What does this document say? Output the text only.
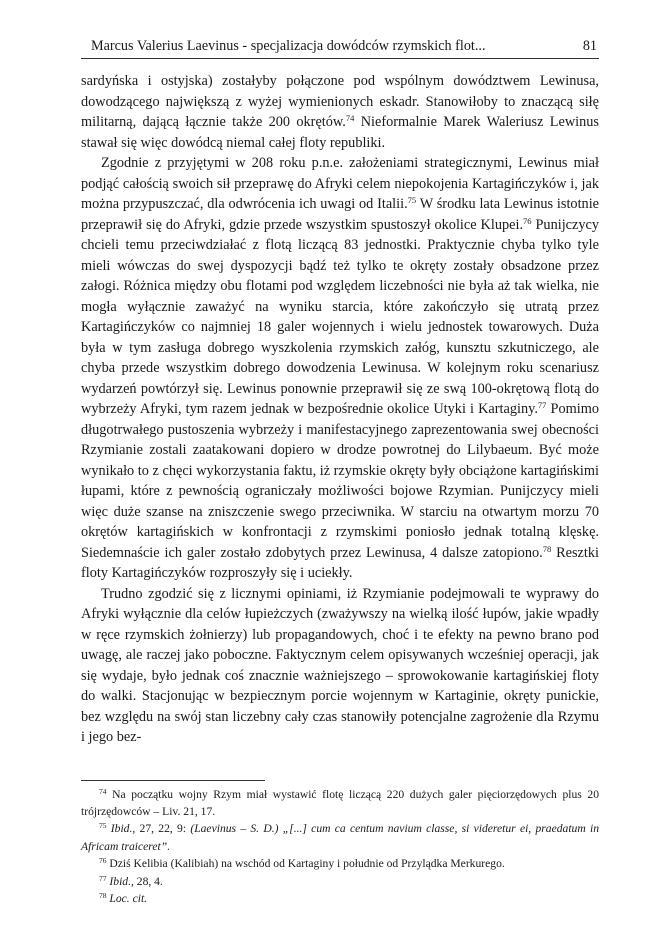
Marcus Valerius Laevinus - specjalizacja dowódców rzymskich flot...	81

sardyńska i ostyjska) zostałyby połączone pod wspólnym dowództwem Lewinusa, dowodzącego największą z wyżej wymienionych eskadr. Stanowiłoby to znaczącą siłę militarną, dającą łącznie także 200 okrętów.$^{74}$ Nieformalnie Marek Waleriusz Lewinus stawał się więc dowódcą niemal całej floty republiki.

Zgodnie z przyjętymi w 208 roku p.n.e. założeniami strategicznymi, Lewinus miał podjąć całością swoich sił przeprawę do Afryki celem niepokojenia Kartagińczyków i, jak można przypuszczać, dla odwrócenia ich uwagi od Italii.$^{75}$ W środku lata Lewinus istotnie przeprawił się do Afryki, gdzie przede wszystkim spustoszył okolice Klupei.$^{76}$ Punijczycy chcieli temu przeciwdziałać z flotą liczącą 83 jednostki. Praktycznie chyba tylko tyle mieli wówczas do swej dyspozycji bądź też tylko te okręty zostały obsadzone przez załogi. Różnica między obu flotami pod względem liczebności nie była aż tak wielka, nie mogła wyłącznie zaważyć na wyniku starcia, które zakończyło się utratą przez Kartagińczyków co najmniej 18 galer wojennych i wielu jednostek towarowych. Duża była w tym zasługa dobrego wyszkolenia rzymskich załóg, kunsztu szkutniczego, ale chyba przede wszystkim dobrego dowodzenia Lewinusa. W kolejnym roku scenariusz wydarzeń powtórzył się. Lewinus ponownie przeprawił się ze swą 100-okrętową flotą do wybrzeży Afryki, tym razem jednak w bezpośrednie okolice Utyki i Kartaginy.$^{77}$ Pomimo długotrwałego pustoszenia wybrzeży i manifestacyjnego zaprezentowania swej obecności Rzymianie zostali zaatakowani dopiero w drodze powrotnej do Lilybaeum. Być może wynikało to z chęci wykorzystania faktu, iż rzymskie okręty były obciążone kartagińskimi łupami, które z pewnością ograniczały możliwości bojowe Rzymian. Punijczycy mieli więc duże szanse na zniszczenie swego przeciwnika. W starciu na otwartym morzu 70 okrętów kartagińskich w konfrontacji z rzymskimi poniosło jednak totalną klęskę. Siedemnaście ich galer zostało zdobytych przez Lewinusa, 4 dalsze zatopiono.$^{78}$ Resztki floty Kartagińczyków rozproszyły się i uciekły.

Trudno zgodzić się z licznymi opiniami, iż Rzymianie podejmowali te wyprawy do Afryki wyłącznie dla celów łupieżczych (zważywszy na wielką ilość łupów, jakie wpadły w ręce rzymskich żołnierzy) lub propagandowych, choć i te efekty na pewno brano pod uwagę, ale raczej jako poboczne. Faktycznym celem opisywanych wcześniej operacji, jak się wydaje, było jednak coś znacznie ważniejszego – sprowokowanie kartagińskiej floty do walki. Stacjonując w bezpiecznym porcie wojennym w Kartaginie, okręty punickie, bez względu na swój stan liczebny cały czas stanowiły potencjalne zagrożenie dla Rzymu i jego bez-

$^{74}$ Na początku wojny Rzym miał wystawić flotę liczącą 220 dużych galer pięciorzędowych plus 20 trójrzędowców – Liv. 21, 17.

$^{75}$ Ibid., 27, 22, 9: (Laevinus – S. D.) „[...] cum ca centum navium classe, si videretur ei, praedatum in Africam traiceret”.

$^{76}$ Dziś Kelibia (Kalibiah) na wschód od Kartaginy i południe od Przylądka Merkurego.

$^{77}$ Ibid., 28, 4.

$^{78}$ Loc. cit.
